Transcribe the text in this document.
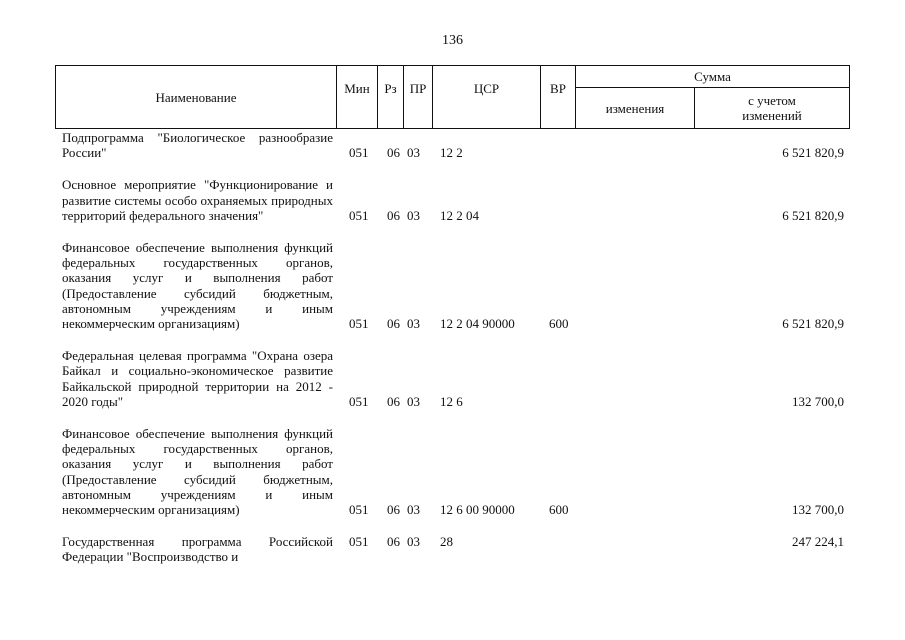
136
Наименование	Мин	Рз	ПР	ЦСР	ВР	Сумма	
						изменения	с учетом изменений
Подпрограмма "Биологическое разнообразие России"	051	06	03	12 2			6 521 820,9
Основное мероприятие "Функционирование и развитие системы особо охраняемых природных территорий федерального значения"	051	06	03	12 2 04			6 521 820,9
Финансовое обеспечение выполнения функций федеральных государственных органов, оказания услуг и выполнения работ (Предоставление субсидий бюджетным, автономным учреждениям и иным некоммерческим организациям)	051	06	03	12 2 04 90000	600		6 521 820,9
Федеральная целевая программа "Охрана озера Байкал и социально-экономическое развитие Байкальской природной территории на 2012 - 2020 годы"	051	06	03	12 6			132 700,0
Финансовое обеспечение выполнения функций федеральных государственных органов, оказания услуг и выполнения работ (Предоставление субсидий бюджетным, автономным учреждениям и иным некоммерческим организациям)	051	06	03	12 6 00 90000	600		132 700,0
Государственная программа Российской Федерации "Воспроизводство и	051	06	03	28			247 224,1
